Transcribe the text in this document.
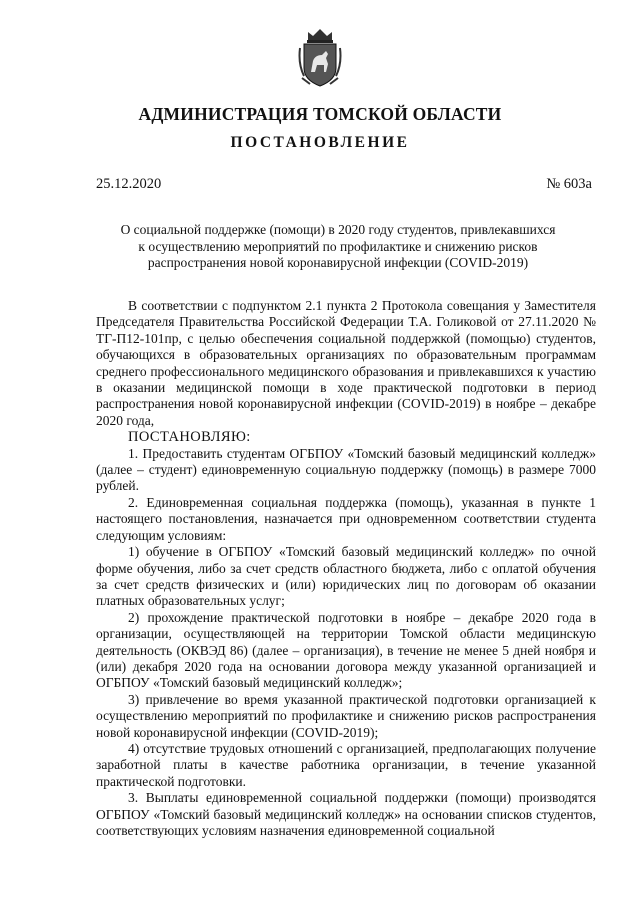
АДМИНИСТРАЦИЯ ТОМСКОЙ ОБЛАСТИ
ПОСТАНОВЛЕНИЕ
25.12.2020	№ 603а
О социальной поддержке (помощи) в 2020 году студентов, привлекавшихся
к осуществлению мероприятий по профилактике и снижению рисков
распространения новой коронавирусной инфекции (COVID-2019)

В соответствии с подпунктом 2.1 пункта 2 Протокола совещания у Заместителя Председателя Правительства Российской Федерации Т.А. Голиковой от 27.11.2020 № ТГ-П12-101пр, с целью обеспечения социальной поддержкой (помощью) студентов, обучающихся в образовательных организациях по образовательным программам среднего профессионального медицинского образования и привлекавшихся к участию в оказании медицинской помощи в ходе практической подготовки в период распространения новой коронавирусной инфекции (COVID-2019) в ноябре – декабре 2020 года,

ПОСТАНОВЛЯЮ:

1. Предоставить студентам ОГБПОУ «Томский базовый медицинский колледж» (далее – студент) единовременную социальную поддержку (помощь) в размере 7000 рублей.

2. Единовременная социальная поддержка (помощь), указанная в пункте 1 настоящего постановления, назначается при одновременном соответствии студента следующим условиям:

1) обучение в ОГБПОУ «Томский базовый медицинский колледж» по очной форме обучения, либо за счет средств областного бюджета, либо с оплатой обучения за счет средств физических и (или) юридических лиц по договорам об оказании платных образовательных услуг;

2) прохождение практической подготовки в ноябре – декабре 2020 года в организации, осуществляющей на территории Томской области медицинскую деятельность (ОКВЭД 86) (далее – организация), в течение не менее 5 дней ноября и (или) декабря 2020 года на основании договора между указанной организацией и ОГБПОУ «Томский базовый медицинский колледж»;

3) привлечение во время указанной практической подготовки организацией к осуществлению мероприятий по профилактике и снижению рисков распространения новой коронавирусной инфекции (COVID-2019);

4) отсутствие трудовых отношений с организацией, предполагающих получение заработной платы в качестве работника организации, в течение указанной практической подготовки.

3. Выплаты единовременной социальной поддержки (помощи) производятся ОГБПОУ «Томский базовый медицинский колледж» на основании списков студентов, соответствующих условиям назначения единовременной социальной
